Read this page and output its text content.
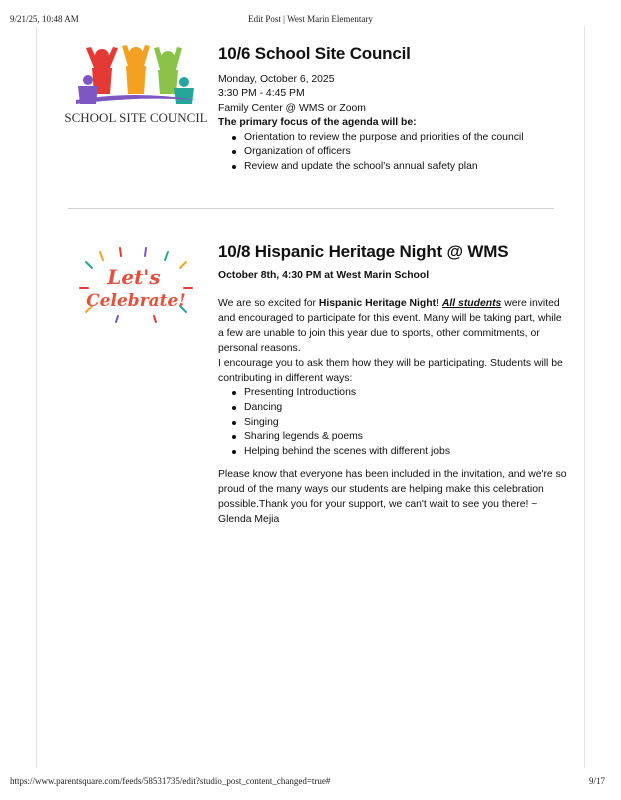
9/21/25, 10:48 AM	Edit Post | West Marin Elementary
SCHOOL SITE COUNCIL
10/6 School Site Council
Monday, October 6, 2025
3:30 PM - 4:45 PM
Family Center @ WMS or Zoom
The primary focus of the agenda will be:
Orientation to review the purpose and priorities of the council
Organization of officers
Review and update the school's annual safety plan
Let's
Celebrate!
10/8 Hispanic Heritage Night @ WMS
October 8th, 4:30 PM at West Marin School
We are so excited for Hispanic Heritage Night! All students were invited and encouraged to participate for this event. Many will be taking part, while a few are unable to join this year due to sports, other commitments, or personal reasons.
I encourage you to ask them how they will be participating. Students will be contributing in different ways:
Presenting Introductions
Dancing
Singing
Sharing legends & poems
Helping behind the scenes with different jobs
Please know that everyone has been included in the invitation, and we're so proud of the many ways our students are helping make this celebration possible.Thank you for your support, we can't wait to see you there! ~ Glenda Mejia
https://www.parentsquare.com/feeds/58531735/edit?studio_post_content_changed=true#	9/17
